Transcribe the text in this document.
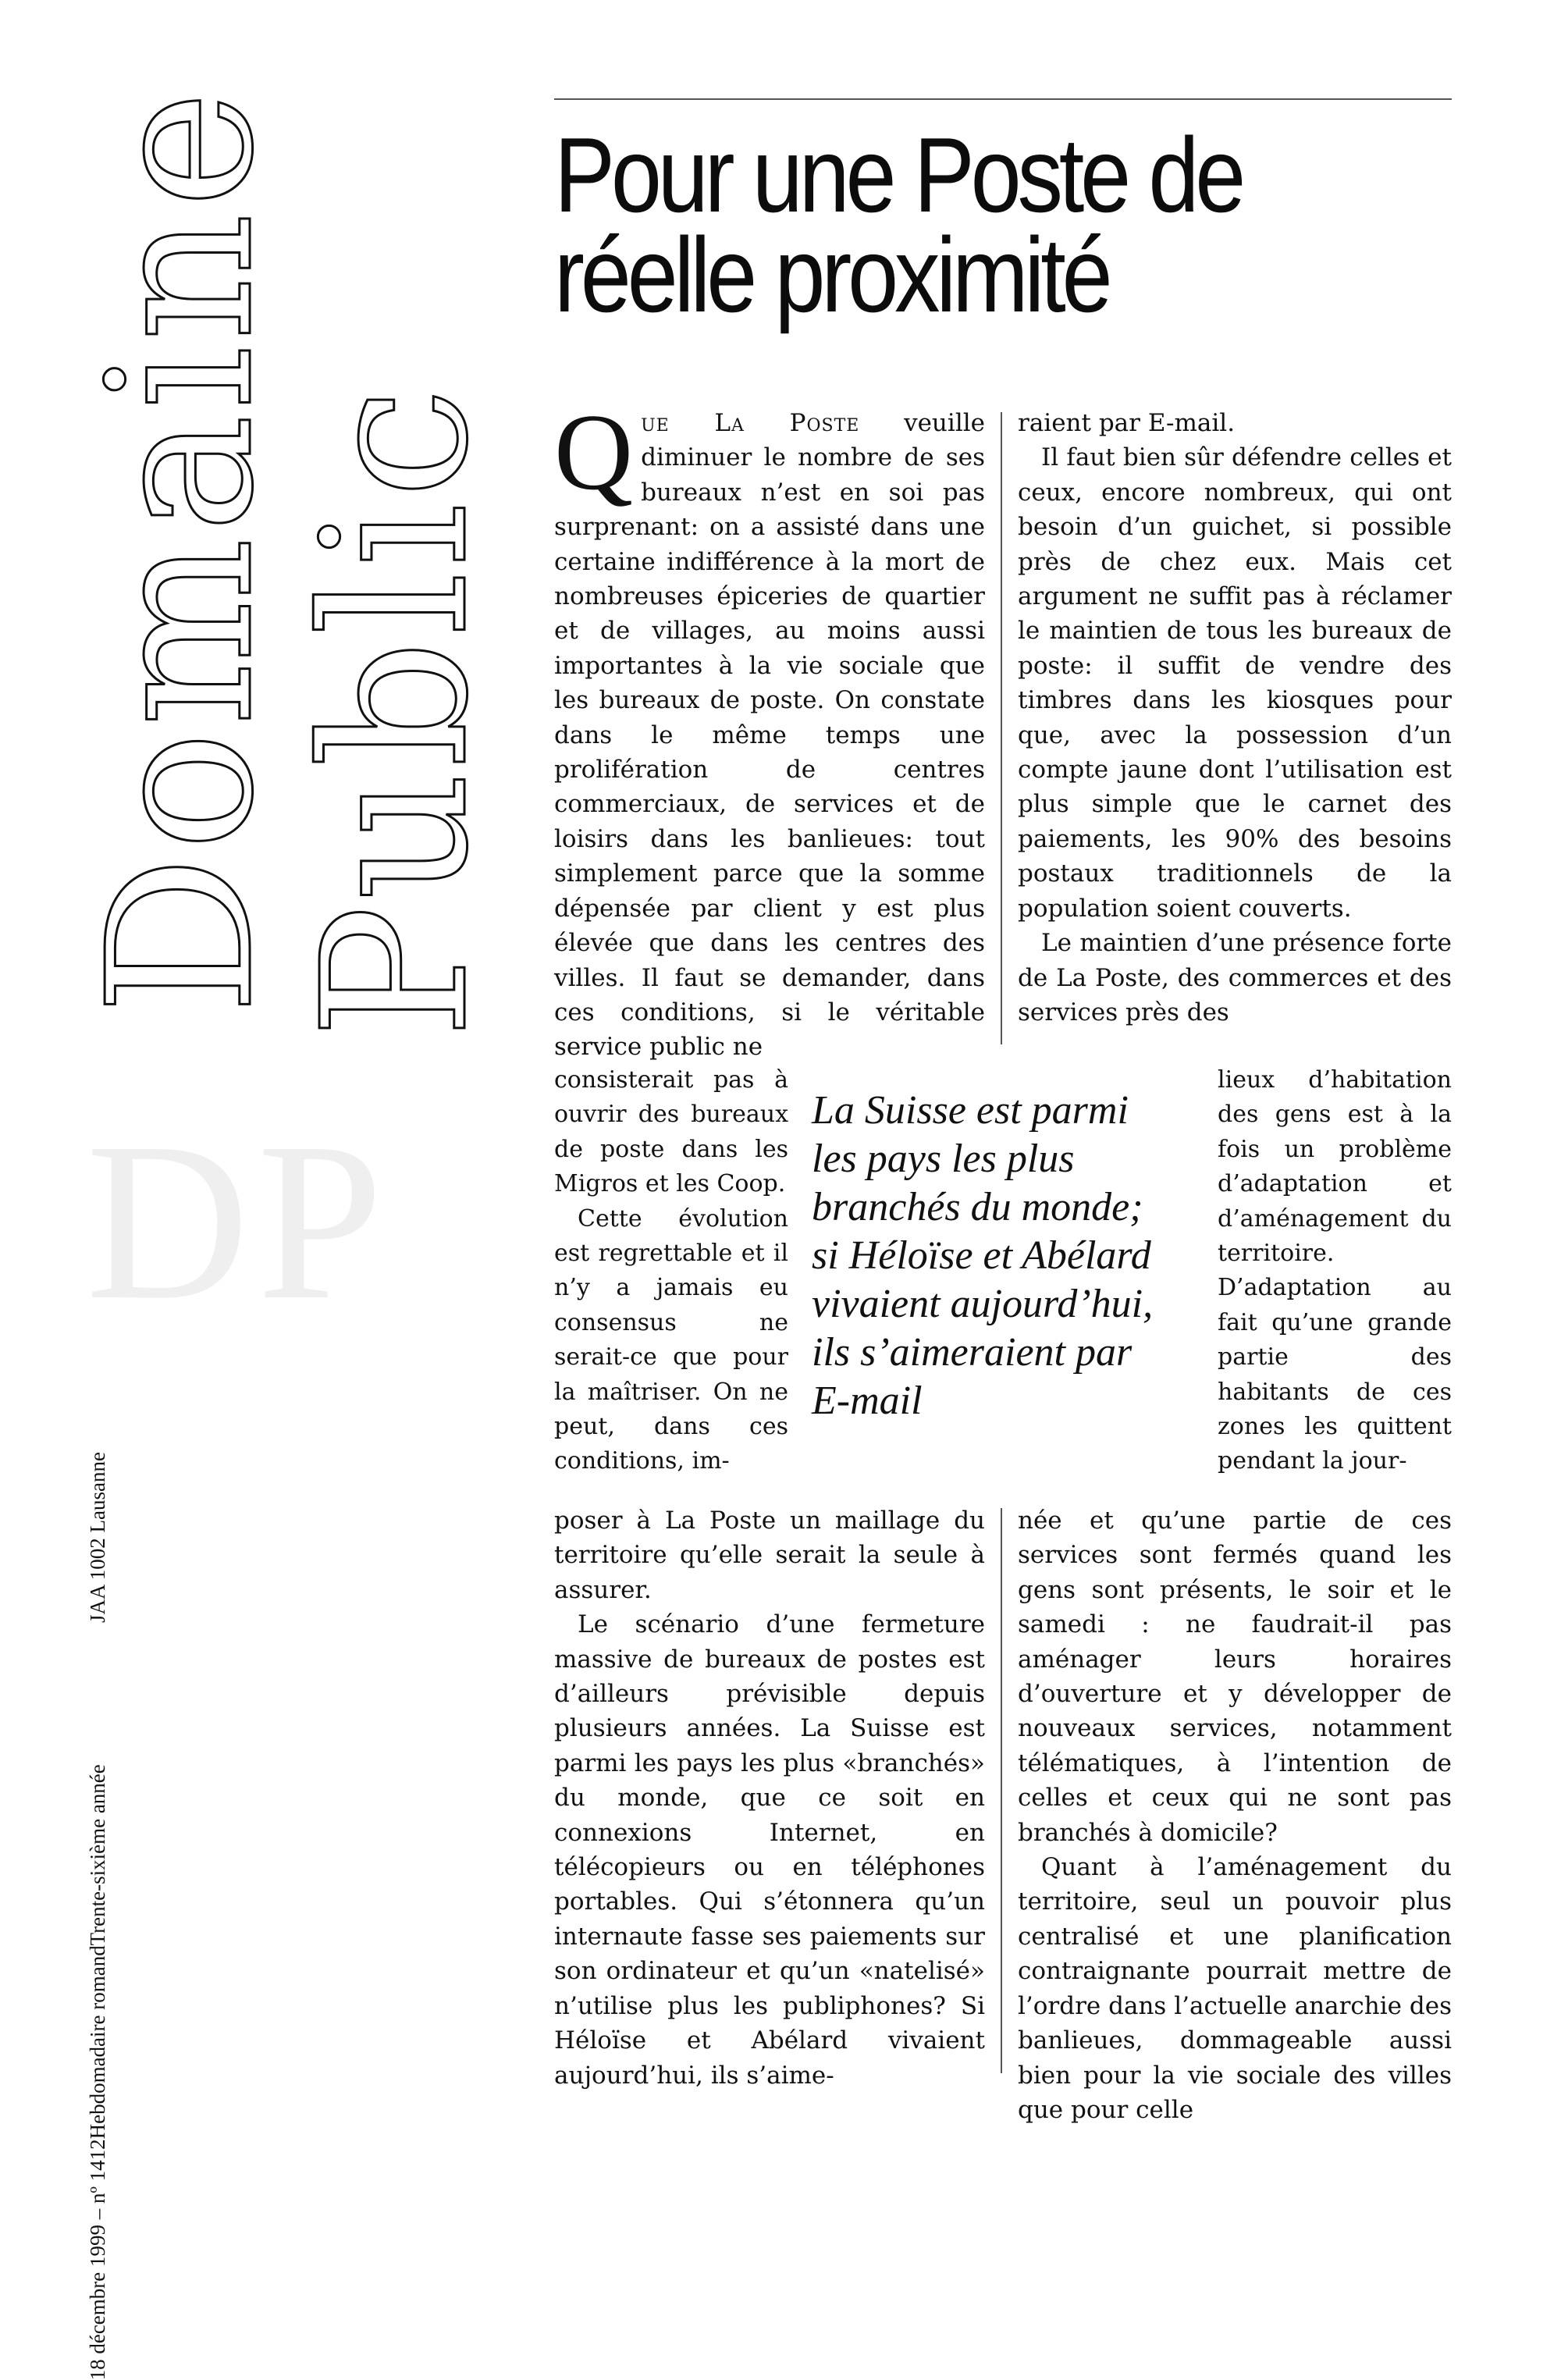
Domaine
Public
DP
JAA 1002 Lausanne
18 décembre 1999 – nº 1412
Hebdomadaire romand
Trente-sixième année
Pour une Poste de
réelle proximité

Que La Poste veuille diminuer le nombre de ses bureaux n’est en soi pas surprenant: on a assisté dans une certaine indifférence à la mort de nombreuses épiceries de quartier et de villages, au moins aussi importantes à la vie sociale que les bureaux de poste. On constate dans le même temps une prolifération de centres commerciaux, de services et de loisirs dans les banlieues: tout simplement parce que la somme dépensée par client y est plus élevée que dans les centres des villes. Il faut se demander, dans ces conditions, si le véritable service public ne

consisterait pas à ouvrir des bureaux de poste dans les Migros et les Coop.

Cette évolution est regrettable et il n’y a jamais eu consensus ne serait-ce que pour la maîtriser. On ne peut, dans ces conditions, im-

poser à La Poste un maillage du territoire qu’elle serait la seule à assurer.

Le scénario d’une fermeture massive de bureaux de postes est d’ailleurs prévisible depuis plusieurs années. La Suisse est parmi les pays les plus «branchés» du monde, que ce soit en connexions Internet, en télécopieurs ou en téléphones portables. Qui s’étonnera qu’un internaute fasse ses paiements sur son ordinateur et qu’un «natelisé» n’utilise plus les publiphones? Si Héloïse et Abélard vivaient aujourd’hui, ils s’aime-

raient par E-mail.

Il faut bien sûr défendre celles et ceux, encore nombreux, qui ont besoin d’un guichet, si possible près de chez eux. Mais cet argument ne suffit pas à réclamer le maintien de tous les bureaux de poste: il suffit de vendre des timbres dans les kiosques pour que, avec la possession d’un compte jaune dont l’utilisation est plus simple que le carnet des paiements, les 90% des besoins postaux traditionnels de la population soient couverts.

Le maintien d’une présence forte de La Poste, des commerces et des services près des

lieux d’habitation des gens est à la fois un problème d’adaptation et d’aménagement du territoire. D’adaptation au fait qu’une grande partie des habitants de ces zones les quittent pendant la jour-

née et qu’une partie de ces services sont fermés quand les gens sont présents, le soir et le samedi : ne faudrait-il pas aménager leurs horaires d’ouverture et y développer de nouveaux services, notamment télématiques, à l’intention de celles et ceux qui ne sont pas branchés à domicile?

Quant à l’aménagement du territoire, seul un pouvoir plus centralisé et une planification contraignante pourrait mettre de l’ordre dans l’actuelle anarchie des banlieues, dommageable aussi bien pour la vie sociale des villes que pour celle

La Suisse est parmi
les pays les plus
branchés du monde;
si Héloïse et Abélard
vivaient aujourd’hui,
ils s’aimeraient par
E-mail
